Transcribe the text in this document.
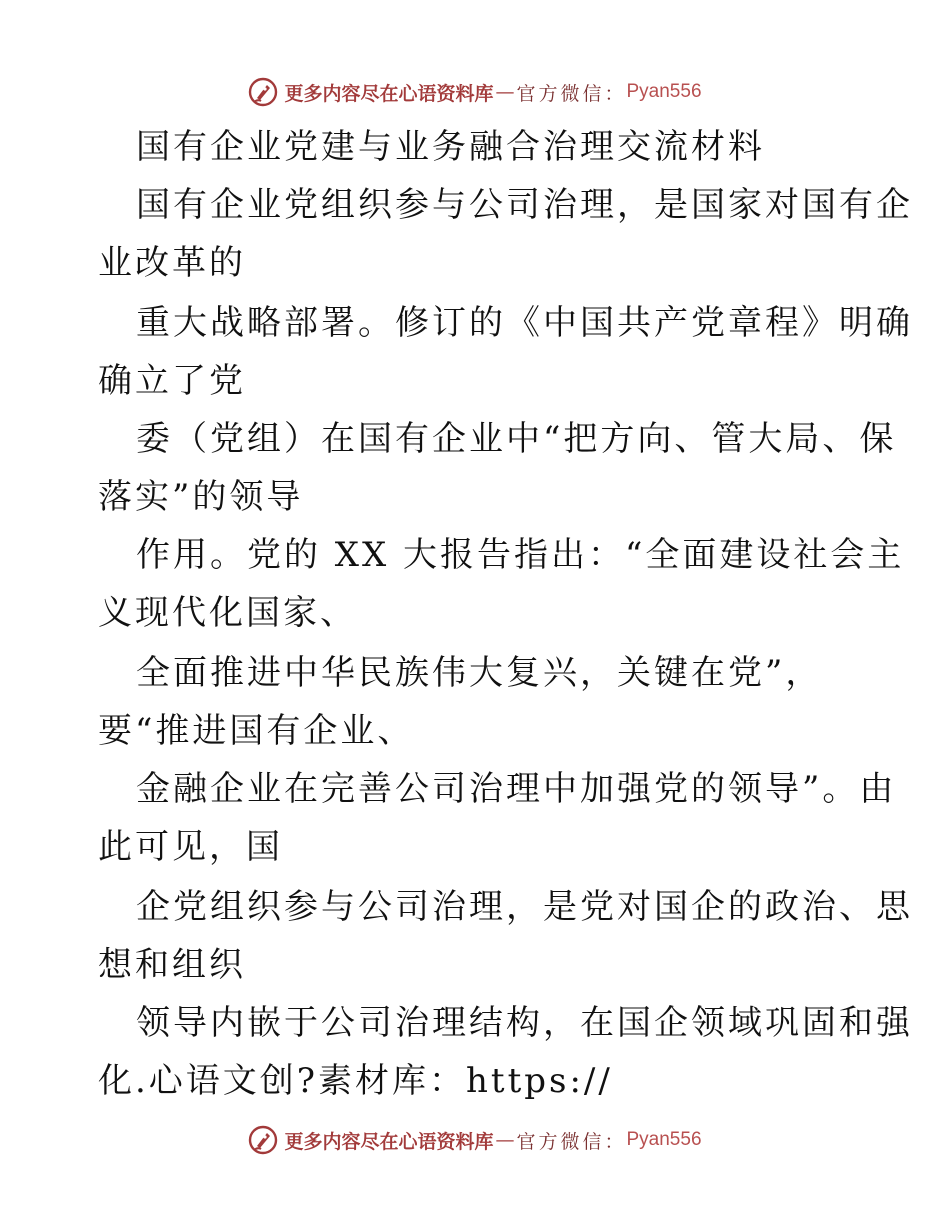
更多内容尽在心语资料库 — 官方微信： Pyan556
国有企业党建与业务融合治理交流材料
国有企业党组织参与公司治理，是国家对国有企
业改革的
重大战略部署。修订的《中国共产党章程》明确
确立了党
委（党组）在国有企业中“把方向、管大局、保
落实”的领导
作用。党的 XX 大报告指出：“全面建设社会主
义现代化国家、
全面推进中华民族伟大复兴，关键在党”，
要“推进国有企业、
金融企业在完善公司治理中加强党的领导”。由
此可见，国
企党组织参与公司治理，是党对国企的政治、思
想和组织
领导内嵌于公司治理结构，在国企领域巩固和强
化.心语文创?素材库：https://
更多内容尽在心语资料库 — 官方微信： Pyan556
